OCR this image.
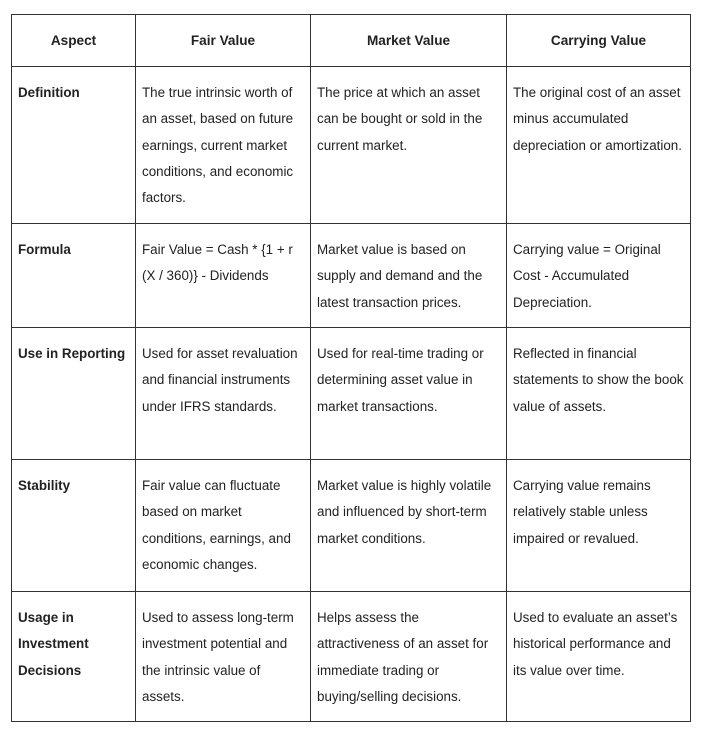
Aspect	Fair Value	Market Value	Carrying Value
Definition	The true intrinsic worth of an asset, based on future earnings, current market conditions, and economic factors.	The price at which an asset can be bought or sold in the current market.	The original cost of an asset minus accumulated depreciation or amortization.
Formula	Fair Value = Cash * {1 + r (X / 360)} - Dividends	Market value is based on supply and demand and the latest transaction prices.	Carrying value = Original Cost - Accumulated Depreciation.
Use in Reporting	Used for asset revaluation and financial instruments under IFRS standards.	Used for real-time trading or determining asset value in market transactions.	Reflected in financial statements to show the book value of assets.
Stability	Fair value can fluctuate based on market conditions, earnings, and economic changes.	Market value is highly volatile and influenced by short-term market conditions.	Carrying value remains relatively stable unless impaired or revalued.
Usage in Investment Decisions	Used to assess long-term investment potential and the intrinsic value of assets.	Helps assess the attractiveness of an asset for immediate trading or buying/selling decisions.	Used to evaluate an asset’s historical performance and its value over time.
